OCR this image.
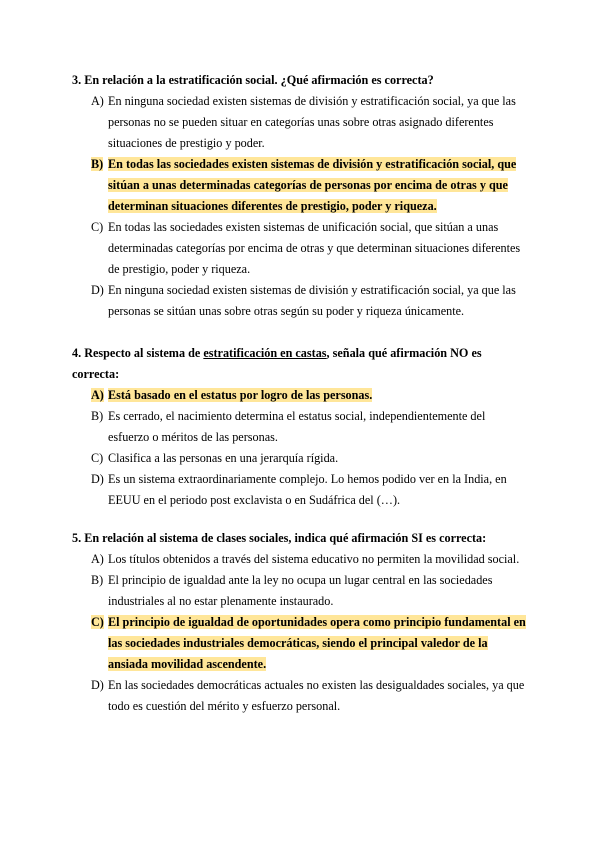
3. En relación a la estratificación social. ¿Qué afirmación es correcta?

A) En ninguna sociedad existen sistemas de división y estratificación social, ya que las personas no se pueden situar en categorías unas sobre otras asignado diferentes situaciones de prestigio y poder.
B) En todas las sociedades existen sistemas de división y estratificación social, que sitúan a unas determinadas categorías de personas por encima de otras y que determinan situaciones diferentes de prestigio, poder y riqueza.
C) En todas las sociedades existen sistemas de unificación social, que sitúan a unas determinadas categorías por encima de otras y que determinan situaciones diferentes de prestigio, poder y riqueza.
D) En ninguna sociedad existen sistemas de división y estratificación social, ya que las personas se sitúan unas sobre otras según su poder y riqueza únicamente.

4. Respecto al sistema de estratificación en castas, señala qué afirmación NO es correcta:

A) Está basado en el estatus por logro de las personas.
B) Es cerrado, el nacimiento determina el estatus social, independientemente del esfuerzo o méritos de las personas.
C) Clasifica a las personas en una jerarquía rígida.
D) Es un sistema extraordinariamente complejo. Lo hemos podido ver en la India, en EEUU en el periodo post exclavista o en Sudáfrica del (…).

5. En relación al sistema de clases sociales, indica qué afirmación SI es correcta:

A) Los títulos obtenidos a través del sistema educativo no permiten la movilidad social.
B) El principio de igualdad ante la ley no ocupa un lugar central en las sociedades industriales al no estar plenamente instaurado.
C) El principio de igualdad de oportunidades opera como principio fundamental en las sociedades industriales democráticas, siendo el principal valedor de la ansiada movilidad ascendente.
D) En las sociedades democráticas actuales no existen las desigualdades sociales, ya que todo es cuestión del mérito y esfuerzo personal.
